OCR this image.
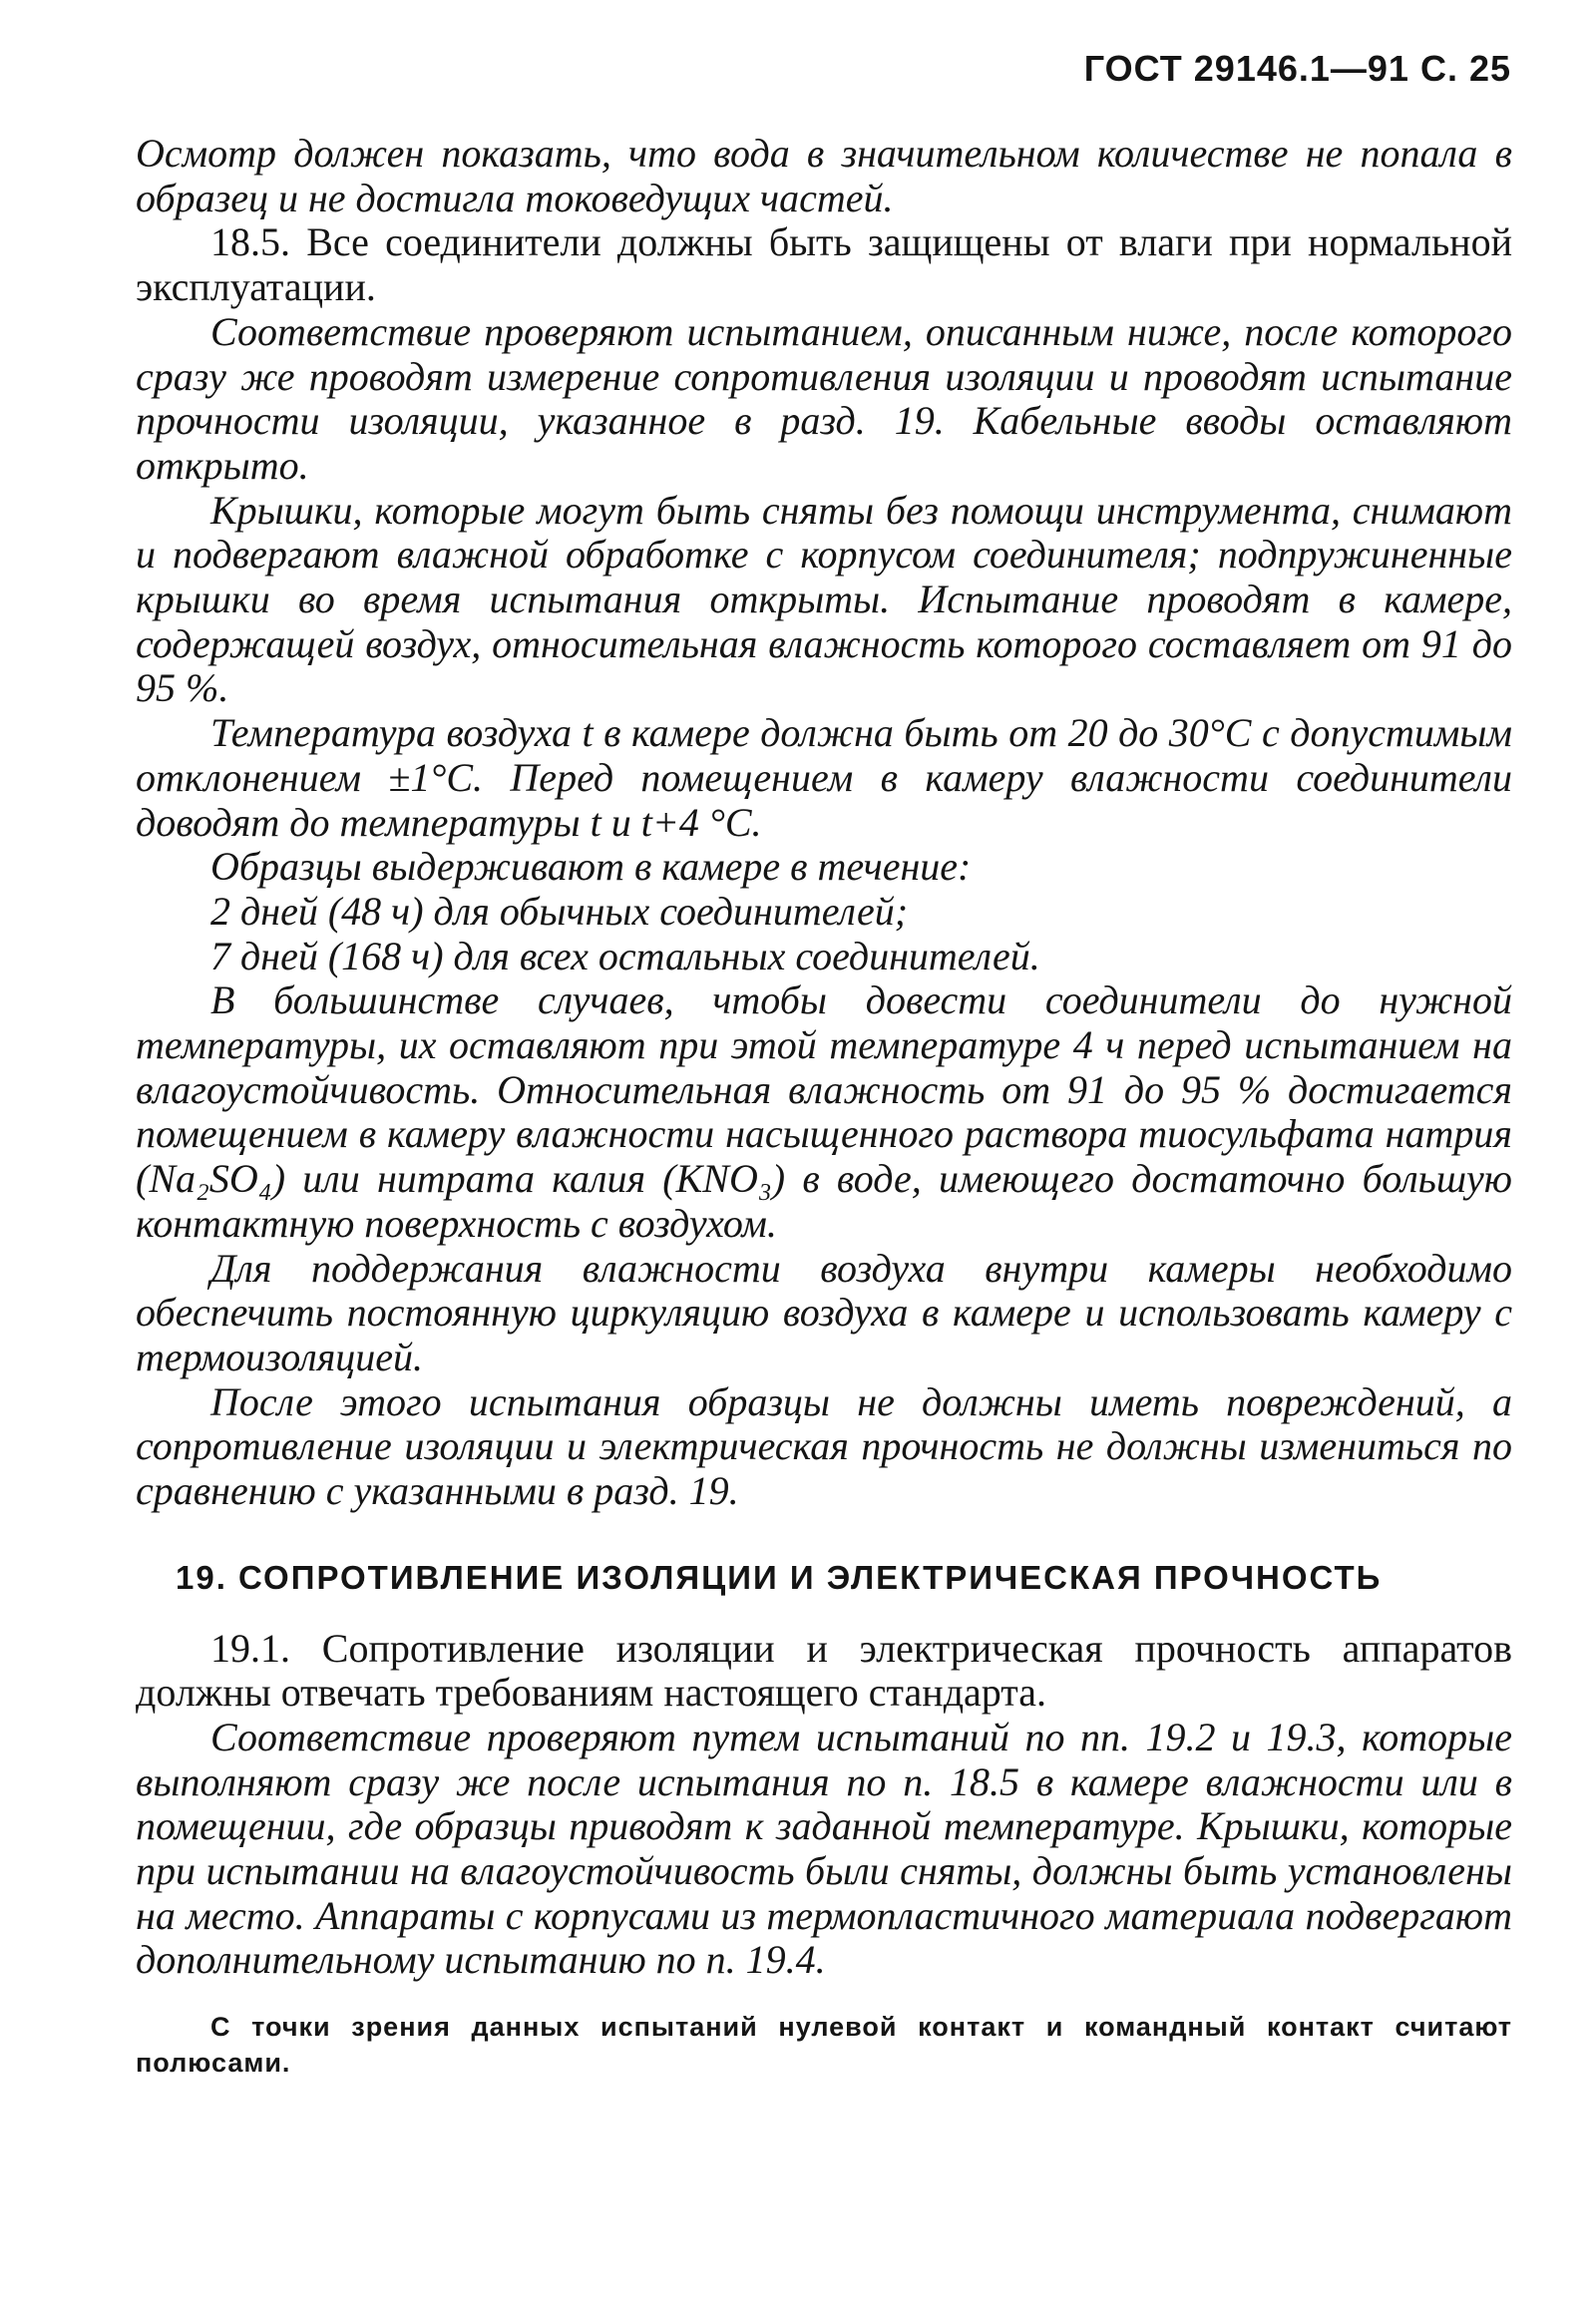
ГОСТ 29146.1—91 С. 25

Осмотр должен показать, что вода в значительном количестве не попала в образец и не достигла токоведущих частей.

18.5. Все соединители должны быть защищены от влаги при нормальной эксплуатации.

Соответствие проверяют испытанием, описанным ниже, после которого сразу же проводят измерение сопротивления изоляции и проводят испытание прочности изоляции, указанное в разд. 19. Кабельные вводы оставляют открыто.

Крышки, которые могут быть сняты без помощи инструмента, снимают и подвергают влажной обработке с корпусом соединителя; подпружиненные крышки во время испытания открыты. Испытание проводят в камере, содержащей воздух, относительная влажность которого составляет от 91 до 95 %.

Температура воздуха t в камере должна быть от 20 до 30°С с допустимым отклонением ±1°С. Перед помещением в камеру влажности соединители доводят до температуры t и t+4 °С.

Образцы выдерживают в камере в течение:

2 дней (48 ч) для обычных соединителей;

7 дней (168 ч) для всех остальных соединителей.

В большинстве случаев, чтобы довести соединители до нужной температуры, их оставляют при этой температуре 4 ч перед испытанием на влагоустойчивость. Относительная влажность от 91 до 95 % достигается помещением в камеру влажности насыщенного раствора тиосульфата натрия (Na₂SO₄) или нитрата калия (KNO₃) в воде, имеющего достаточно большую контактную поверхность с воздухом.

Для поддержания влажности воздуха внутри камеры необходимо обеспечить постоянную циркуляцию воздуха в камере и использовать камеру с термоизоляцией.

После этого испытания образцы не должны иметь повреждений, а сопротивление изоляции и электрическая прочность не должны измениться по сравнению с указанными в разд. 19.

19. СОПРОТИВЛЕНИЕ ИЗОЛЯЦИИ И ЭЛЕКТРИЧЕСКАЯ ПРОЧНОСТЬ

19.1. Сопротивление изоляции и электрическая прочность аппаратов должны отвечать требованиям настоящего стандарта.

Соответствие проверяют путем испытаний по пп. 19.2 и 19.3, которые выполняют сразу же после испытания по п. 18.5 в камере влажности или в помещении, где образцы приводят к заданной температуре. Крышки, которые при испытании на влагоустойчивость были сняты, должны быть установлены на место. Аппараты с корпусами из термопластичного материала подвергают дополнительному испытанию по п. 19.4.

С точки зрения данных испытаний нулевой контакт и командный контакт считают полюсами.
